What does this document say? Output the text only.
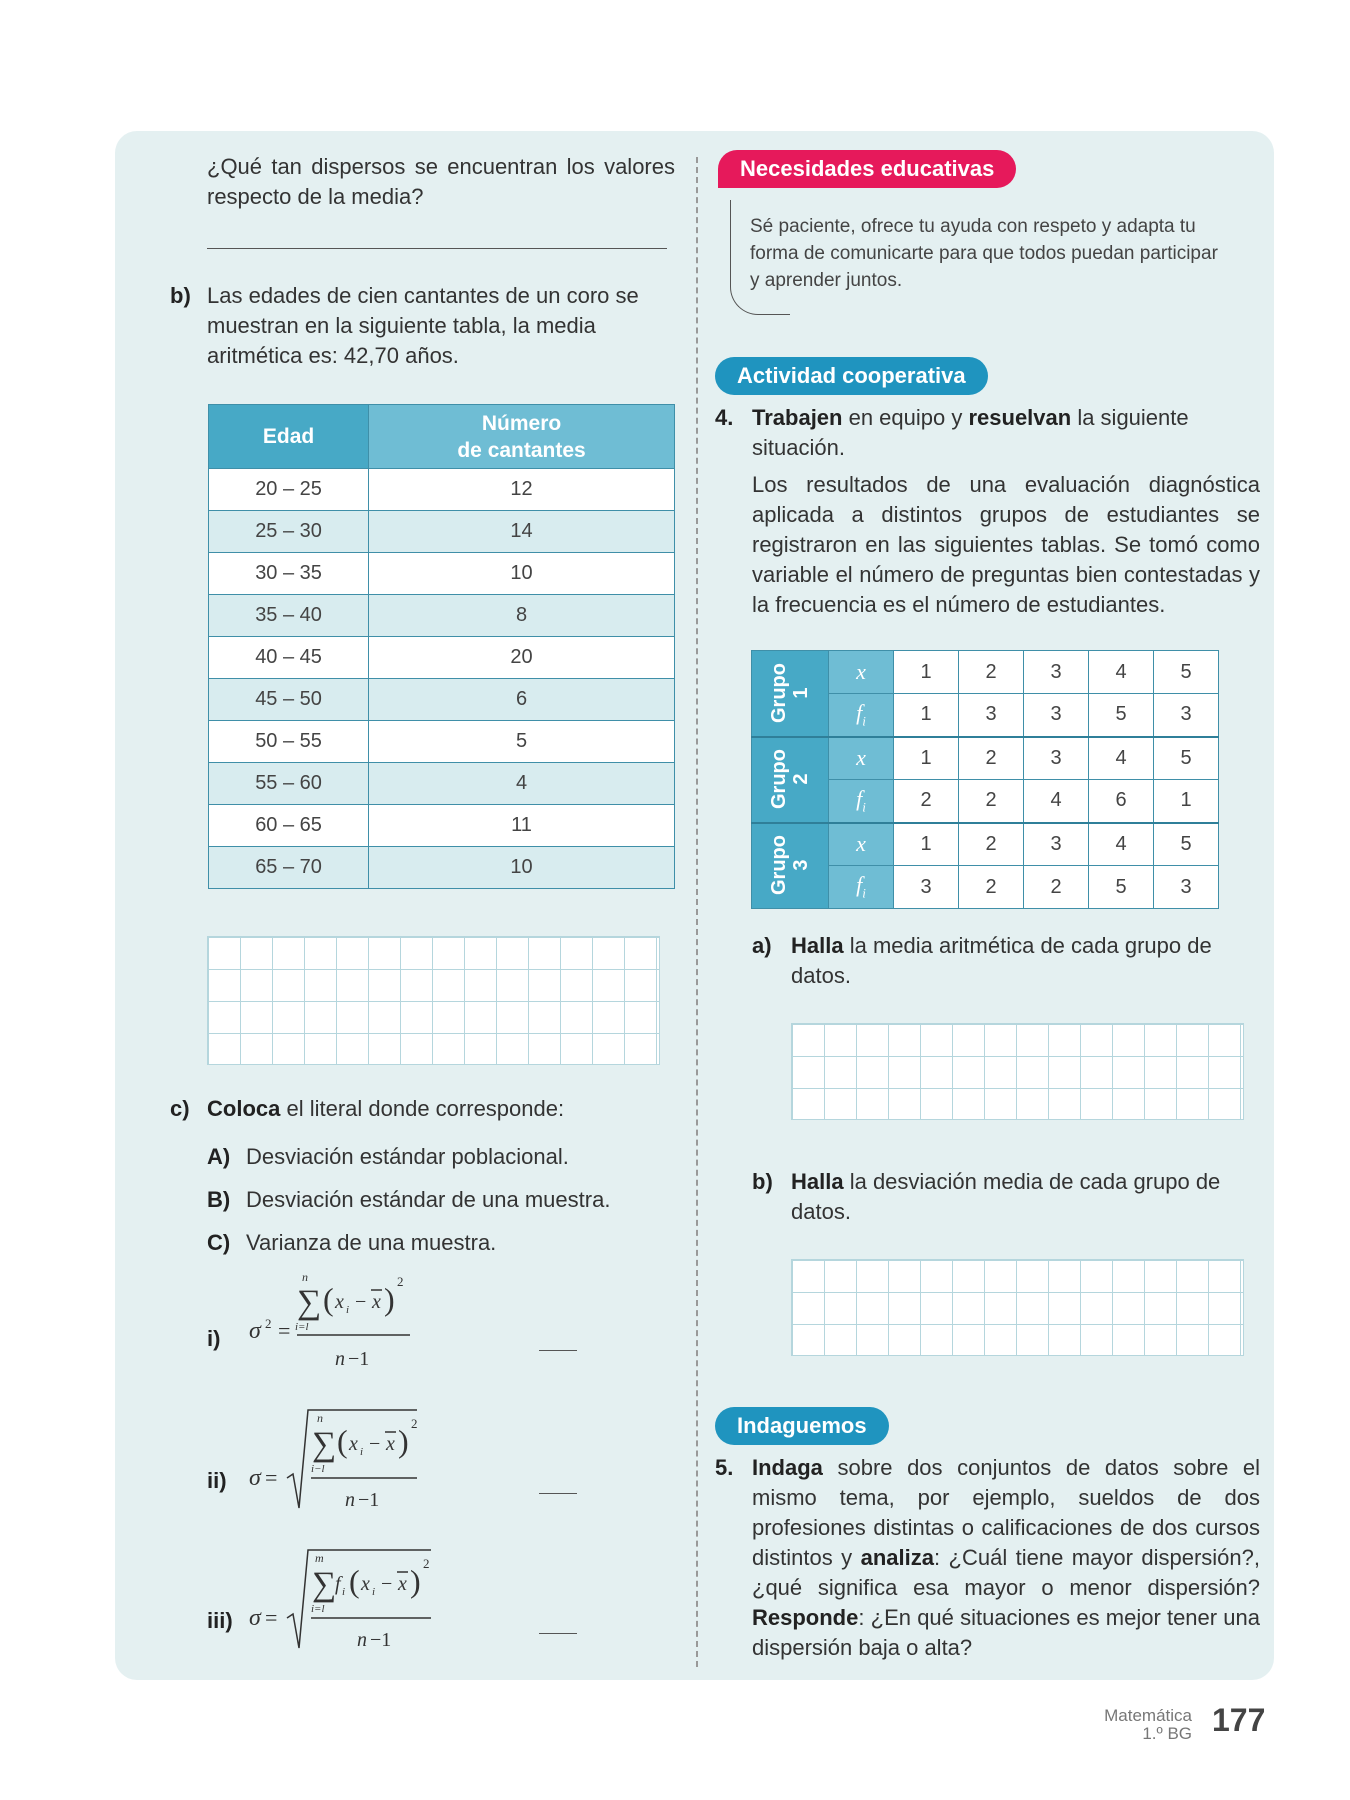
¿Qué tan dispersos se encuentran los valores respecto de la media?
b) Las edades de cien cantantes de un coro se muestran en la siguiente tabla, la media aritmética es: 42,70 años.
Edad	Número
de cantantes
20 – 25	12
25 – 30	14
30 – 35	10
35 – 40	8
40 – 45	20
45 – 50	6
50 – 55	5
55 – 60	4
60 – 65	11
65 – 70	10
c) Coloca el literal donde corresponde:
A) Desviación estándar poblacional.
B) Desviación estándar de una muestra.
C) Varianza de una muestra.
i) σ 2 =
n
∑
i=l
( x i − x ) 2
n −1
ii) σ =
n
∑
i−l
( x i − x ) 2
n −1
iii) σ =
m
∑
i=l
f i ( x i − x ) 2
n −1
Necesidades educativas
Sé paciente, ofrece tu ayuda con respeto y adapta tu forma de comunicarte para que todos puedan participar y aprender juntos.
Actividad cooperativa
4. Trabajen en equipo y resuelvan la siguiente situación.
Los resultados de una evaluación diagnóstica aplicada a distintos grupos de estudiantes se registraron en las siguientes tablas. Se tomó como variable el número de preguntas bien contestadas y la frecuencia es el número de estudiantes.
Grupo
1	x	1	2	3	4	5
	$f_i$	1	3	3	5	3
Grupo
2	x	1	2	3	4	5
	$f_i$	2	2	4	6	1
Grupo
3	x	1	2	3	4	5
	$f_i$	3	2	2	5	3
a) Halla la media aritmética de cada grupo de datos.
b) Halla la desviación media de cada grupo de datos.
Indaguemos
5. Indaga sobre dos conjuntos de datos sobre el mismo tema, por ejemplo, sueldos de dos profesiones distintas o calificaciones de dos cursos distintos y analiza: ¿Cuál tiene mayor dispersión?, ¿qué significa esa mayor o menor dispersión? Responde: ¿En qué situaciones es mejor tener una dispersión baja o alta?
Matemática
1.º BG 177
